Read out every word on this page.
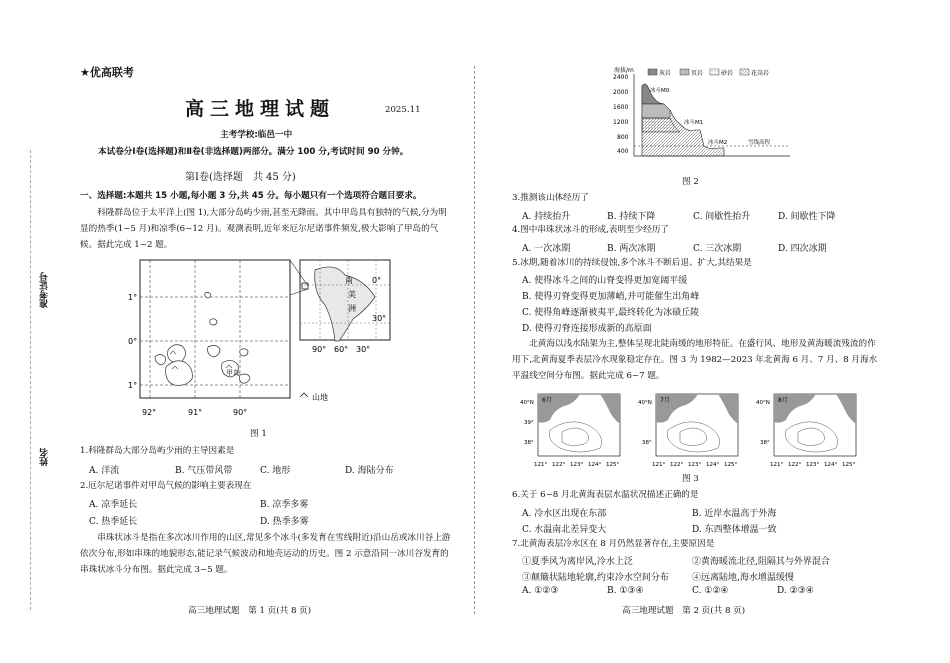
准考证号
姓名
★优高联考
高三地理试题	2025.11
主考学校:临邑一中
本试卷分Ⅰ卷(选择题)和Ⅱ卷(非选择题)两部分。满分 100 分,考试时间 90 分钟。
第Ⅰ卷(选择题　共 45 分)
一、选择题:本题共 15 小题,每小题 3 分,共 45 分。每小题只有一个选项符合题目要求。
科隆群岛位于太平洋上(图 1),大部分岛屿少雨,甚至无降雨。其中甲岛具有独特的气候,分为明显的热季(1~5 月)和凉季(6~12 月)。观测表明,近年来厄尔尼诺事件频发,极大影响了甲岛的气候。据此完成 1~2 题。
1°
0°
1°
92°	91°	90°
甲岛
南
美
洲
0°
30°
90° 60° 30°
山地
图 1
1.科隆群岛大部分岛屿少雨的主导因素是
A. 洋流	B. 气压带风带	C. 地形	D. 海陆分布
2.厄尔尼诺事件对甲岛气候的影响主要表现在
A. 凉季延长	B. 凉季多雾
C. 热季延长	D. 热季多雾
串珠状冰斗是指在多次冰川作用的山区,常见多个冰斗(多发育在雪线附近)沿山岳或冰川谷上游依次分布,形如串珠的地貌形态,能记录气候波动和地壳运动的历史。图 2 示意沿同一冰川谷发育的串珠状冰斗分布图。据此完成 3~5 题。
高三地理试题　第 1 页(共 8 页)
海拔/m
2400
2000
1600
1200
800
400
灰岩	页岩	砂岩	花岗岩
冰斗M0
冰斗M1
冰斗M2	雪线高程
图 2
3.推测该山体经历了
A. 持续抬升	B. 持续下降	C. 间歇性抬升	D. 间歇性下降
4.图中串珠状冰斗的形成,表明至少经历了
A. 一次冰期	B. 两次冰期	C. 三次冰期	D. 四次冰期
5.冰期,随着冰川的持续侵蚀,多个冰斗不断后退、扩大,其结果是
A. 使得冰斗之间的山脊变得更加宽阔平缓
B. 使得刃脊变得更加薄峭,并可能催生出角峰
C. 使得角峰逐渐被夷平,最终转化为冰碛丘陵
D. 使得刃脊连接形成新的高原面
北黄海以浅水陆架为主,整体呈现北陡南缓的地形特征。在盛行风、地形及黄海暖流残流的作用下,北黄海夏季表层冷水现象稳定存在。图 3 为 1982—2023 年北黄海 6 月、7 月、8 月海水平温线空间分布图。据此完成 6~7 题。
6月	7月	8月
40°N
39°
38°
40°N
38°
40°N
38°
121° 122° 123° 124° 125°	121° 122° 123° 124° 125°	121° 122° 123° 124° 125°
图 3
6.关于 6~8 月北黄海表层水温状况描述正确的是
A. 冷水区出现在东部	B. 近岸水温高于外海
C. 水温南北差异变大	D. 东西整体增温一致
7.北黄海表层冷水区在 8 月仍然显著存在,主要原因是
①夏季风为离岸风,冷水上泛	②黄海暖流北径,阻隔其与外界混合
③颠簸状陆地轮廓,约束冷水空间分布	④远离陆地,海水增温缓慢
A. ①②③	B. ①③④	C. ①②④	D. ②③④
高三地理试题　第 2 页(共 8 页)
